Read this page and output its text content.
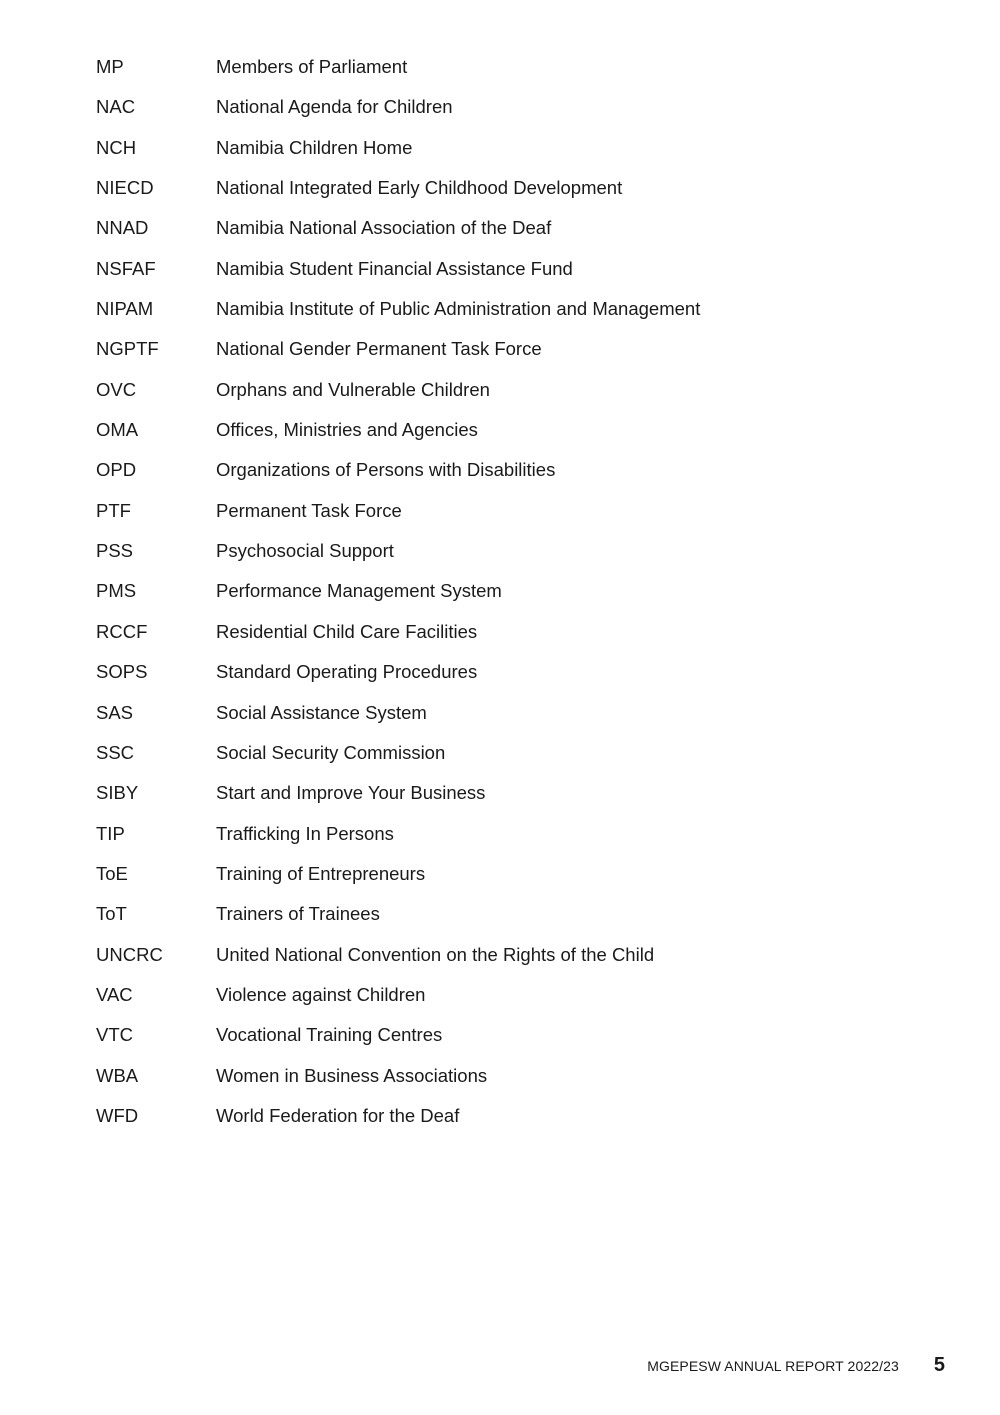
MP	Members of Parliament
NAC	National Agenda for Children
NCH	Namibia Children Home
NIECD	National Integrated Early Childhood Development
NNAD	Namibia National Association of the Deaf
NSFAF	Namibia Student Financial Assistance Fund
NIPAM	Namibia Institute of Public Administration and Management
NGPTF	National Gender Permanent Task Force
OVC	Orphans and Vulnerable Children
OMA	Offices, Ministries and Agencies
OPD	Organizations of Persons with Disabilities
PTF	Permanent Task Force
PSS	Psychosocial Support
PMS	Performance Management System
RCCF	Residential Child Care Facilities
SOPS	Standard Operating Procedures
SAS	Social Assistance System
SSC	Social Security Commission
SIBY	Start and Improve Your Business
TIP	Trafficking In Persons
ToE	Training of Entrepreneurs
ToT	Trainers of Trainees
UNCRC	United National Convention on the Rights of the Child
VAC	Violence against Children
VTC	Vocational Training Centres
WBA	Women in Business Associations
WFD	World Federation for the Deaf
MGEPESW ANNUAL REPORT 2022/23 5
